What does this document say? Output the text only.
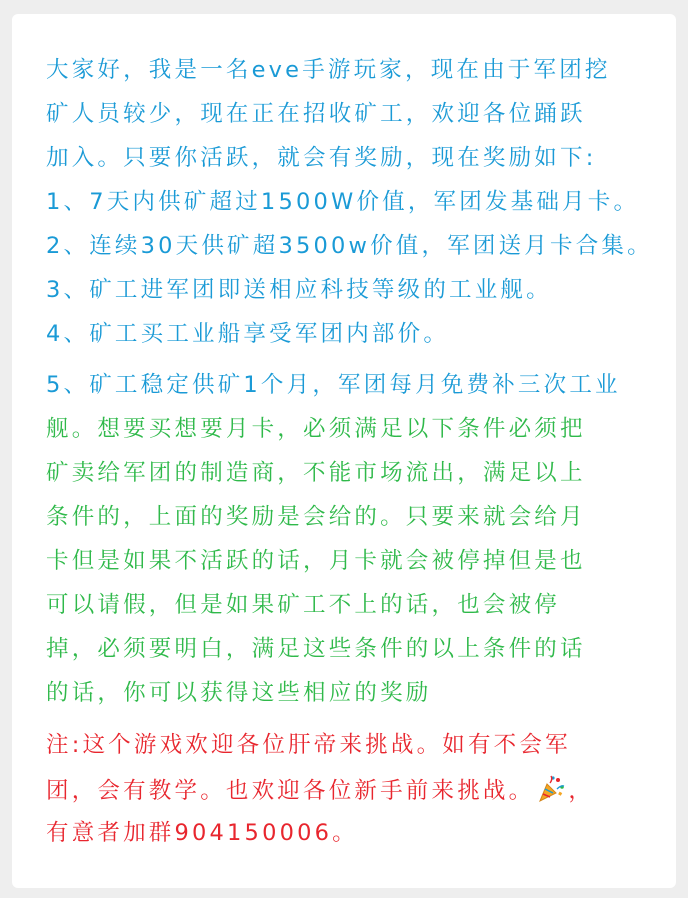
大家好，我是一名eve手游玩家，现在由于军团挖
矿人员较少，现在正在招收矿工，欢迎各位踊跃
加入。只要你活跃，就会有奖励，现在奖励如下:
1、7天内供矿超过1500W价值，军团发基础月卡。
2、连续30天供矿超3500w价值，军团送月卡合集。
3、矿工进军团即送相应科技等级的工业舰。
4、矿工买工业船享受军团内部价。
5、矿工稳定供矿1个月，军团每月免费补三次工业
舰。想要买想要月卡，必须满足以下条件必须把
矿卖给军团的制造商，不能市场流出，满足以上
条件的，上面的奖励是会给的。只要来就会给月
卡但是如果不活跃的话，月卡就会被停掉但是也
可以请假，但是如果矿工不上的话，也会被停
掉，必须要明白，满足这些条件的以上条件的话
的话，你可以获得这些相应的奖励
注:这个游戏欢迎各位肝帝来挑战。如有不会军
团，会有教学。也欢迎各位新手前来挑战。 ，
有意者加群904150006。
